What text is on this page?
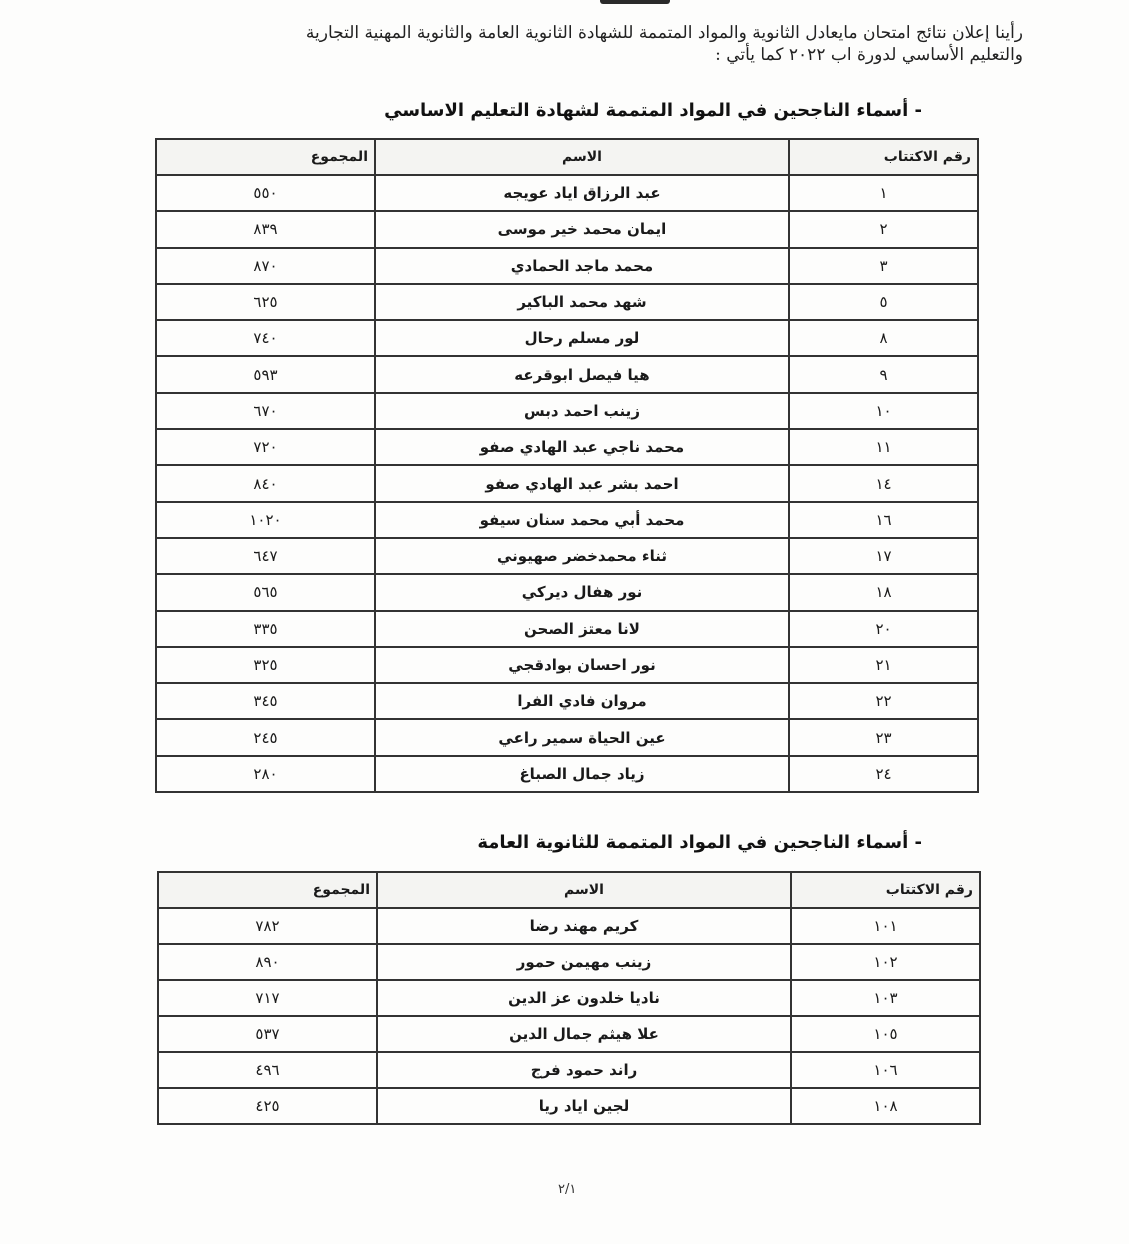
رأينا إعلان نتائج امتحان مايعادل الثانوية والمواد المتممة للشهادة الثانوية العامة والثانوية المهنية التجارية
والتعليم الأساسي لدورة اب ٢٠٢٢ كما يأتي :
- أسماء الناجحين في المواد المتممة لشهادة التعليم الاساسي
رقم الاكتتاب	الاسم	المجموع
١	عبد الرزاق اياد عويجه	٥٥٠
٢	ايمان محمد خير موسى	٨٣٩
٣	محمد ماجد الحمادي	٨٧٠
٥	شهد محمد الباكير	٦٢٥
٨	لور مسلم رحال	٧٤٠
٩	هيا فيصل ابوقرعه	٥٩٣
١٠	زينب احمد دبس	٦٧٠
١١	محمد ناجي عبد الهادي صفو	٧٢٠
١٤	احمد بشر عبد الهادي صفو	٨٤٠
١٦	محمد أبي محمد سنان سيفو	١٠٢٠
١٧	ثناء محمدخضر صهيوني	٦٤٧
١٨	نور هفال ديركي	٥٦٥
٢٠	لانا معتز الصحن	٣٣٥
٢١	نور احسان بوادقجي	٣٢٥
٢٢	مروان فادي الفرا	٣٤٥
٢٣	عين الحياة سمير راعي	٢٤٥
٢٤	زياد جمال الصباغ	٢٨٠
- أسماء الناجحين في المواد المتممة للثانوية العامة
رقم الاكتتاب	الاسم	المجموع
١٠١	كريم مهند رضا	٧٨٢
١٠٢	زينب مهيمن حمور	٨٩٠
١٠٣	ناديا خلدون عز الدين	٧١٧
١٠٥	علا هيثم جمال الدين	٥٣٧
١٠٦	راند حمود فرج	٤٩٦
١٠٨	لجين اياد ريا	٤٢٥
٢/١
